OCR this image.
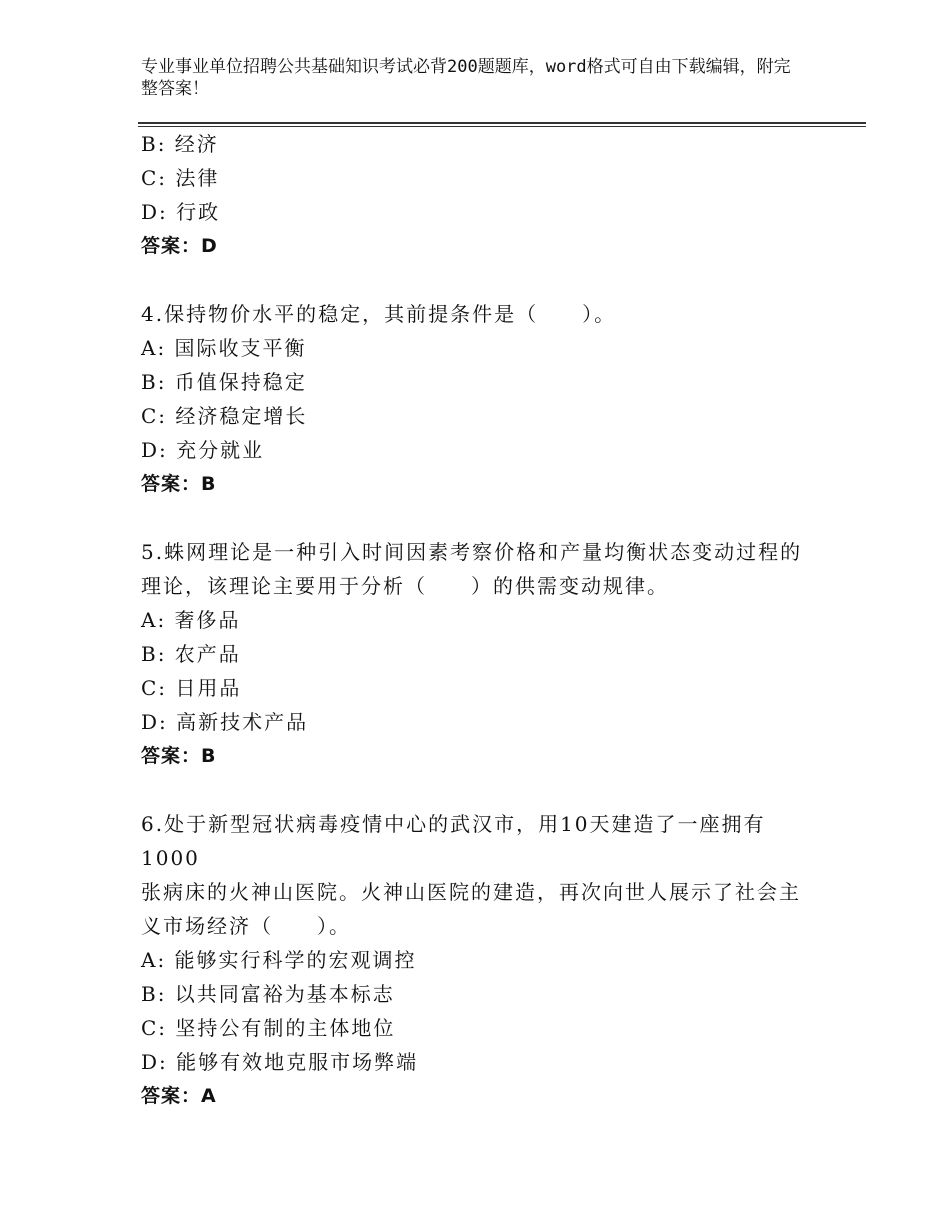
专业事业单位招聘公共基础知识考试必背200题题库，word格式可自由下载编辑，附完整答案！
B: 经济
C: 法律
D: 行政
答案：D
4.保持物价水平的稳定，其前提条件是（　　）。
A: 国际收支平衡
B: 币值保持稳定
C: 经济稳定增长
D: 充分就业
答案：B
5.蛛网理论是一种引入时间因素考察价格和产量均衡状态变动过程的
理论，该理论主要用于分析（　　）的供需变动规律。
A: 奢侈品
B: 农产品
C: 日用品
D: 高新技术产品
答案：B
6.处于新型冠状病毒疫情中心的武汉市，用10天建造了一座拥有1000
张病床的火神山医院。火神山医院的建造，再次向世人展示了社会主
义市场经济（　　）。
A: 能够实行科学的宏观调控
B: 以共同富裕为基本标志
C: 坚持公有制的主体地位
D: 能够有效地克服市场弊端
答案：A
